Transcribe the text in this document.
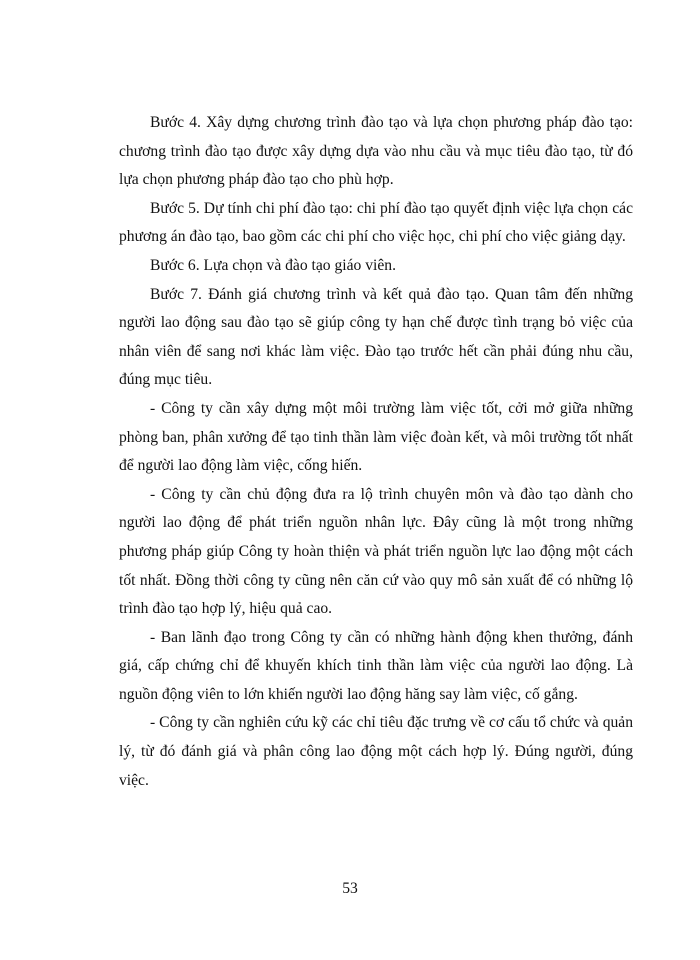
Bước 4. Xây dựng chương trình đào tạo và lựa chọn phương pháp đào tạo: chương trình đào tạo được xây dựng dựa vào nhu cầu và mục tiêu đào tạo, từ đó lựa chọn phương pháp đào tạo cho phù hợp.

Bước 5. Dự tính chi phí đào tạo: chi phí đào tạo quyết định việc lựa chọn các phương án đào tạo, bao gồm các chi phí cho việc học, chi phí cho việc giảng dạy.

Bước 6. Lựa chọn và đào tạo giáo viên.

Bước 7. Đánh giá chương trình và kết quả đào tạo. Quan tâm đến những người lao động sau đào tạo sẽ giúp công ty hạn chế được tình trạng bỏ việc của nhân viên để sang nơi khác làm việc. Đào tạo trước hết cần phải đúng nhu cầu, đúng mục tiêu.

- Công ty cần xây dựng một môi trường làm việc tốt, cởi mở giữa những phòng ban, phân xưởng để tạo tinh thần làm việc đoàn kết, và môi trường tốt nhất để người lao động làm việc, cống hiến.

- Công ty cần chủ động đưa ra lộ trình chuyên môn và đào tạo dành cho người lao động để phát triển nguồn nhân lực. Đây cũng là một trong những phương pháp giúp Công ty hoàn thiện và phát triển nguồn lực lao động một cách tốt nhất. Đồng thời công ty cũng nên căn cứ vào quy mô sản xuất để có những lộ trình đào tạo hợp lý, hiệu quả cao.

- Ban lãnh đạo trong Công ty cần có những hành động khen thưởng, đánh giá, cấp chứng chỉ để khuyến khích tinh thần làm việc của người lao động. Là nguồn động viên to lớn khiến người lao động hăng say làm việc, cố gắng.

- Công ty cần nghiên cứu kỹ các chỉ tiêu đặc trưng về cơ cấu tổ chức và quản lý, từ đó đánh giá và phân công lao động một cách hợp lý. Đúng người, đúng việc.

53
